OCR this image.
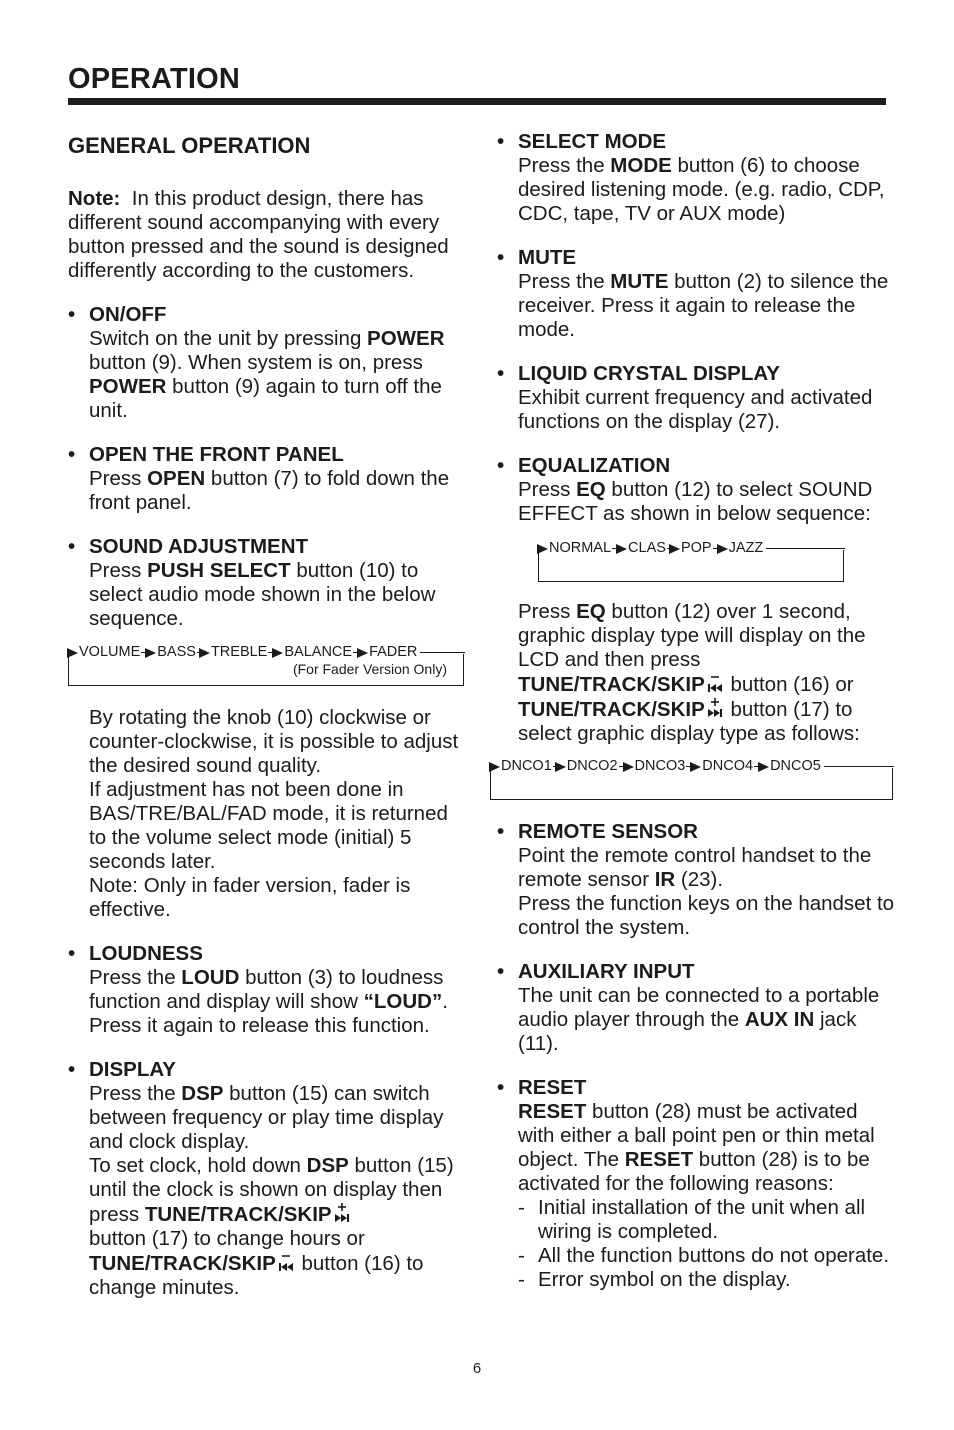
OPERATION
GENERAL OPERATION

Note: In this product design, there has different sound accompanying with every button pressed and the sound is designed differently according to the customers.

• ON/OFF

Switch on the unit by pressing POWER button (9). When system is on, press POWER button (9) again to turn off the unit.

• OPEN THE FRONT PANEL

Press OPEN button (7) to fold down the front panel.

• SOUND ADJUSTMENT

Press PUSH SELECT button (10) to select audio mode shown in the below sequence.

VOLUME BASS TREBLE BALANCE FADER
(For Fader Version Only)

By rotating the knob (10) clockwise or counter-clockwise, it is possible to adjust the desired sound quality.

If adjustment has not been done in BAS/TRE/BAL/FAD mode, it is returned to the volume select mode (initial) 5 seconds later.

Note: Only in fader version, fader is effective.

• LOUDNESS

Press the LOUD button (3) to loudness function and display will show “LOUD”. Press it again to release this function.

• DISPLAY

Press the DSP button (15) can switch between frequency or play time display and clock display.

To set clock, hold down DSP button (15) until the clock is shown on display then press TUNE/TRACK/SKIP
button (17) to change hours or TUNE/TRACK/SKIP button (16) to change minutes.

• SELECT MODE

Press the MODE button (6) to choose desired listening mode. (e.g. radio, CDP, CDC, tape, TV or AUX mode)

• MUTE

Press the MUTE button (2) to silence the receiver. Press it again to release the mode.

• LIQUID CRYSTAL DISPLAY

Exhibit current frequency and activated functions on the display (27).

• EQUALIZATION

Press EQ button (12) to select SOUND EFFECT as shown in below sequence:

NORMAL CLAS POP JAZZ

Press EQ button (12) over 1 second, graphic display type will display on the LCD and then press
TUNE/TRACK/SKIP button (16) or
TUNE/TRACK/SKIP button (17) to select graphic display type as follows:

DNCO1 DNCO2 DNCO3 DNCO4 DNCO5
• REMOTE SENSOR

Point the remote control handset to the remote sensor IR (23).

Press the function keys on the handset to control the system.

• AUXILIARY INPUT

The unit can be connected to a portable audio player through the AUX IN jack (11).

• RESET

RESET button (28) must be activated with either a ball point pen or thin metal object. The RESET button (28) is to be activated for the following reasons:

- Initial installation of the unit when all wiring is completed.
- All the function buttons do not operate.
- Error symbol on the display.
6
